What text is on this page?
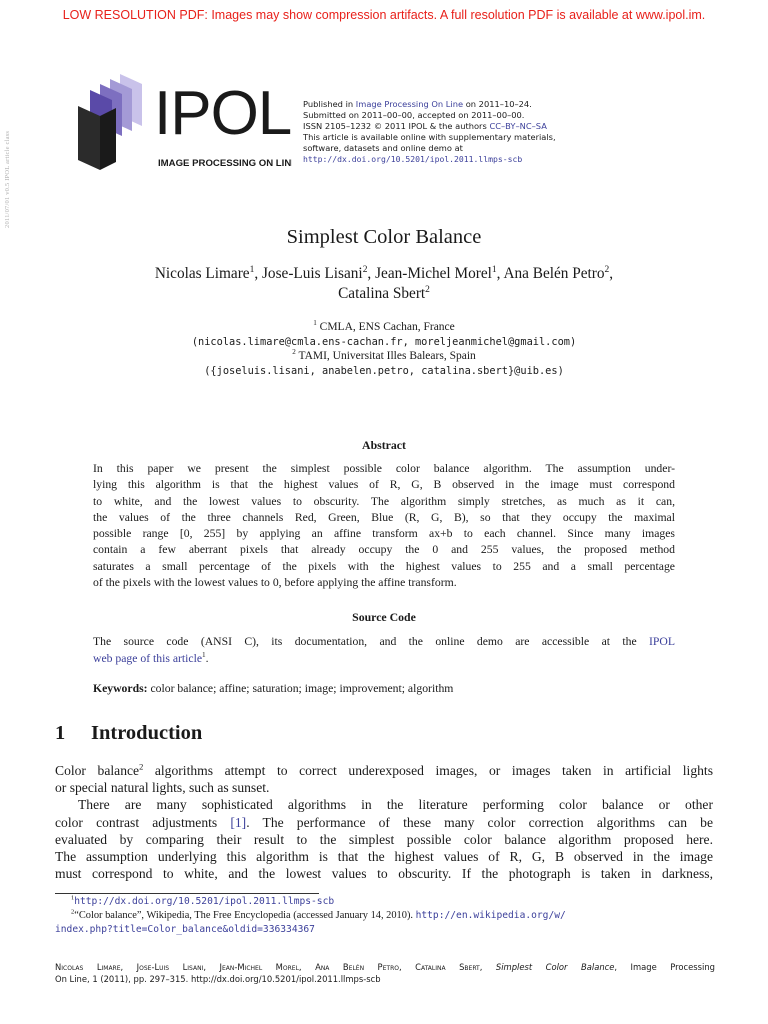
LOW RESOLUTION PDF: Images may show compression artifacts. A full resolution PDF is available at www.ipol.im.
2011/07/01 v0.5 IPOL article class
IPOL
IMAGE PROCESSING ON LINE
Published in Image Processing On Line on 2011–10–24.
Submitted on 2011–00–00, accepted on 2011–00–00.
ISSN 2105–1232 © 2011 IPOL & the authors CC–BY–NC–SA
This article is available online with supplementary materials,
software, datasets and online demo at
http://dx.doi.org/10.5201/ipol.2011.llmps-scb
Simplest Color Balance
Nicolas Limare$^1$, Jose-Luis Lisani$^2$, Jean-Michel Morel$^1$, Ana Belén Petro$^2$,
Catalina Sbert$^2$
$^1$ CMLA, ENS Cachan, France
(nicolas.limare@cmla.ens-cachan.fr, moreljeanmichel@gmail.com)
$^2$ TAMI, Universitat Illes Balears, Spain
({joseluis.lisani, anabelen.petro, catalina.sbert}@uib.es)
Abstract
In this paper we present the simplest possible color balance algorithm. The assumption under-
lying this algorithm is that the highest values of R, G, B observed in the image must correspond
to white, and the lowest values to obscurity. The algorithm simply stretches, as much as it can,
the values of the three channels Red, Green, Blue (R, G, B), so that they occupy the maximal
possible range [0, 255] by applying an affine transform ax+b to each channel. Since many images
contain a few aberrant pixels that already occupy the 0 and 255 values, the proposed method
saturates a small percentage of the pixels with the highest values to 255 and a small percentage
of the pixels with the lowest values to 0, before applying the affine transform.
Source Code
The source code (ANSI C), its documentation, and the online demo are accessible at the IPOL
web page of this article$^1$.
Keywords: color balance; affine; saturation; image; improvement; algorithm
1 Introduction
Color balance$^2$ algorithms attempt to correct underexposed images, or images taken in artificial lights
or special natural lights, such as sunset.
There are many sophisticated algorithms in the literature performing color balance or other
color contrast adjustments [1]. The performance of these many color correction algorithms can be
evaluated by comparing their result to the simplest possible color balance algorithm proposed here.
The assumption underlying this algorithm is that the highest values of R, G, B observed in the image
must correspond to white, and the lowest values to obscurity. If the photograph is taken in darkness,
$^1$http://dx.doi.org/10.5201/ipol.2011.llmps-scb
$^2$“Color balance”, Wikipedia, The Free Encyclopedia (accessed January 14, 2010). http://en.wikipedia.org/w/
index.php?title=Color_balance&oldid=336334367
Nicolas Limare, Jose-Luis Lisani, Jean-Michel Morel, Ana Belén Petro, Catalina Sbert, Simplest Color Balance, Image Processing
On Line, 1 (2011), pp. 297–315. http://dx.doi.org/10.5201/ipol.2011.llmps-scb
